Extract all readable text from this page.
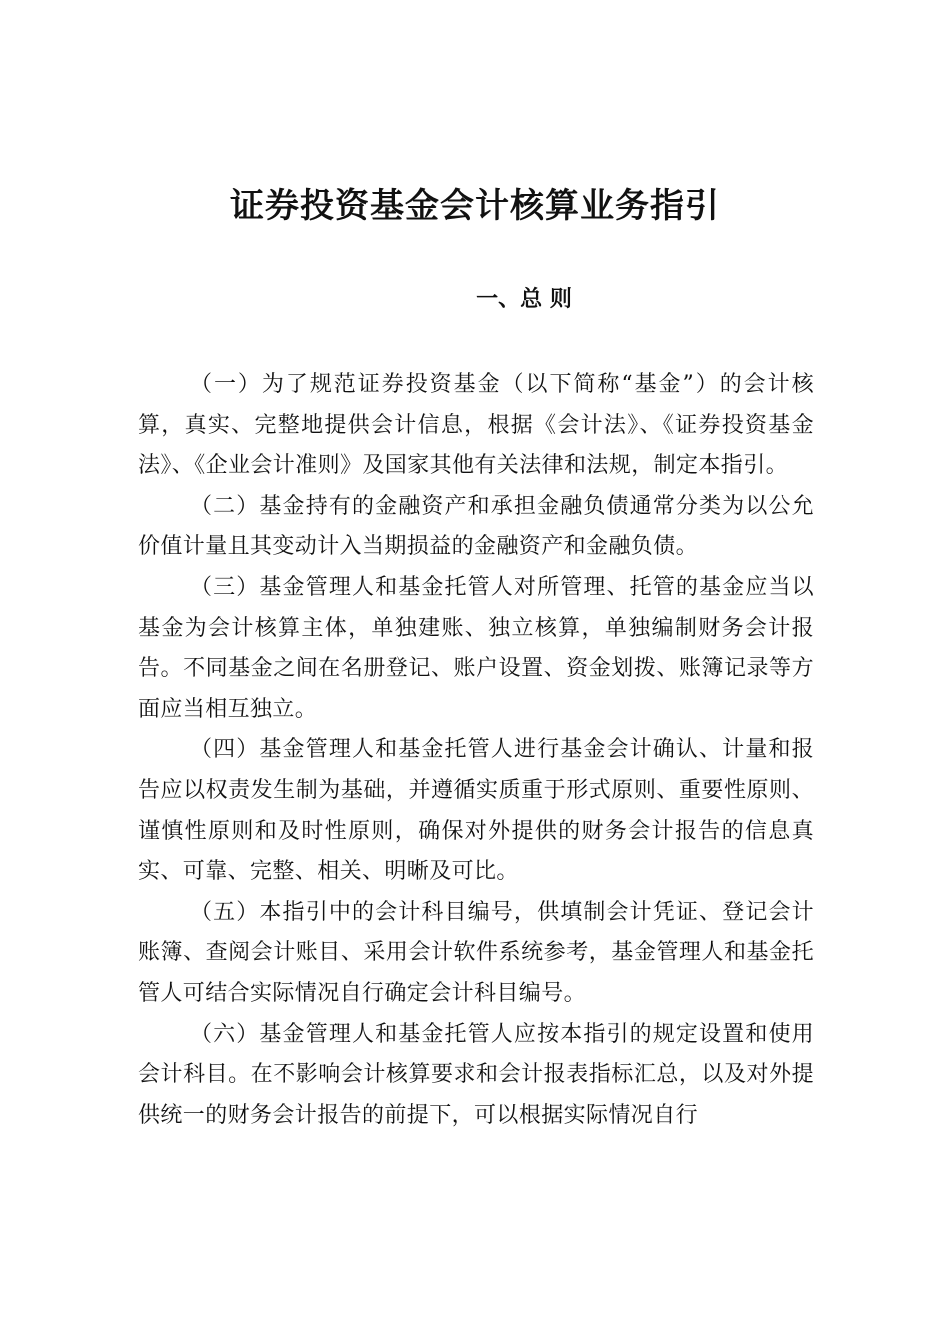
证券投资基金会计核算业务指引
一、总 则

（一）为了规范证券投资基金（以下简称“基金”）的会计核算，真实、完整地提供会计信息，根据《会计法》、《证券投资基金法》、《企业会计准则》及国家其他有关法律和法规，制定本指引。

（二）基金持有的金融资产和承担金融负债通常分类为以公允价值计量且其变动计入当期损益的金融资产和金融负债。

（三）基金管理人和基金托管人对所管理、托管的基金应当以基金为会计核算主体，单独建账、独立核算，单独编制财务会计报告。不同基金之间在名册登记、账户设置、资金划拨、账簿记录等方面应当相互独立。

（四）基金管理人和基金托管人进行基金会计确认、计量和报告应以权责发生制为基础，并遵循实质重于形式原则、重要性原则、谨慎性原则和及时性原则，确保对外提供的财务会计报告的信息真实、可靠、完整、相关、明晰及可比。

（五）本指引中的会计科目编号，供填制会计凭证、登记会计账簿、查阅会计账目、采用会计软件系统参考，基金管理人和基金托管人可结合实际情况自行确定会计科目编号。

（六）基金管理人和基金托管人应按本指引的规定设置和使用会计科目。在不影响会计核算要求和会计报表指标汇总，以及对外提供统一的财务会计报告的前提下，可以根据实际情况自行
